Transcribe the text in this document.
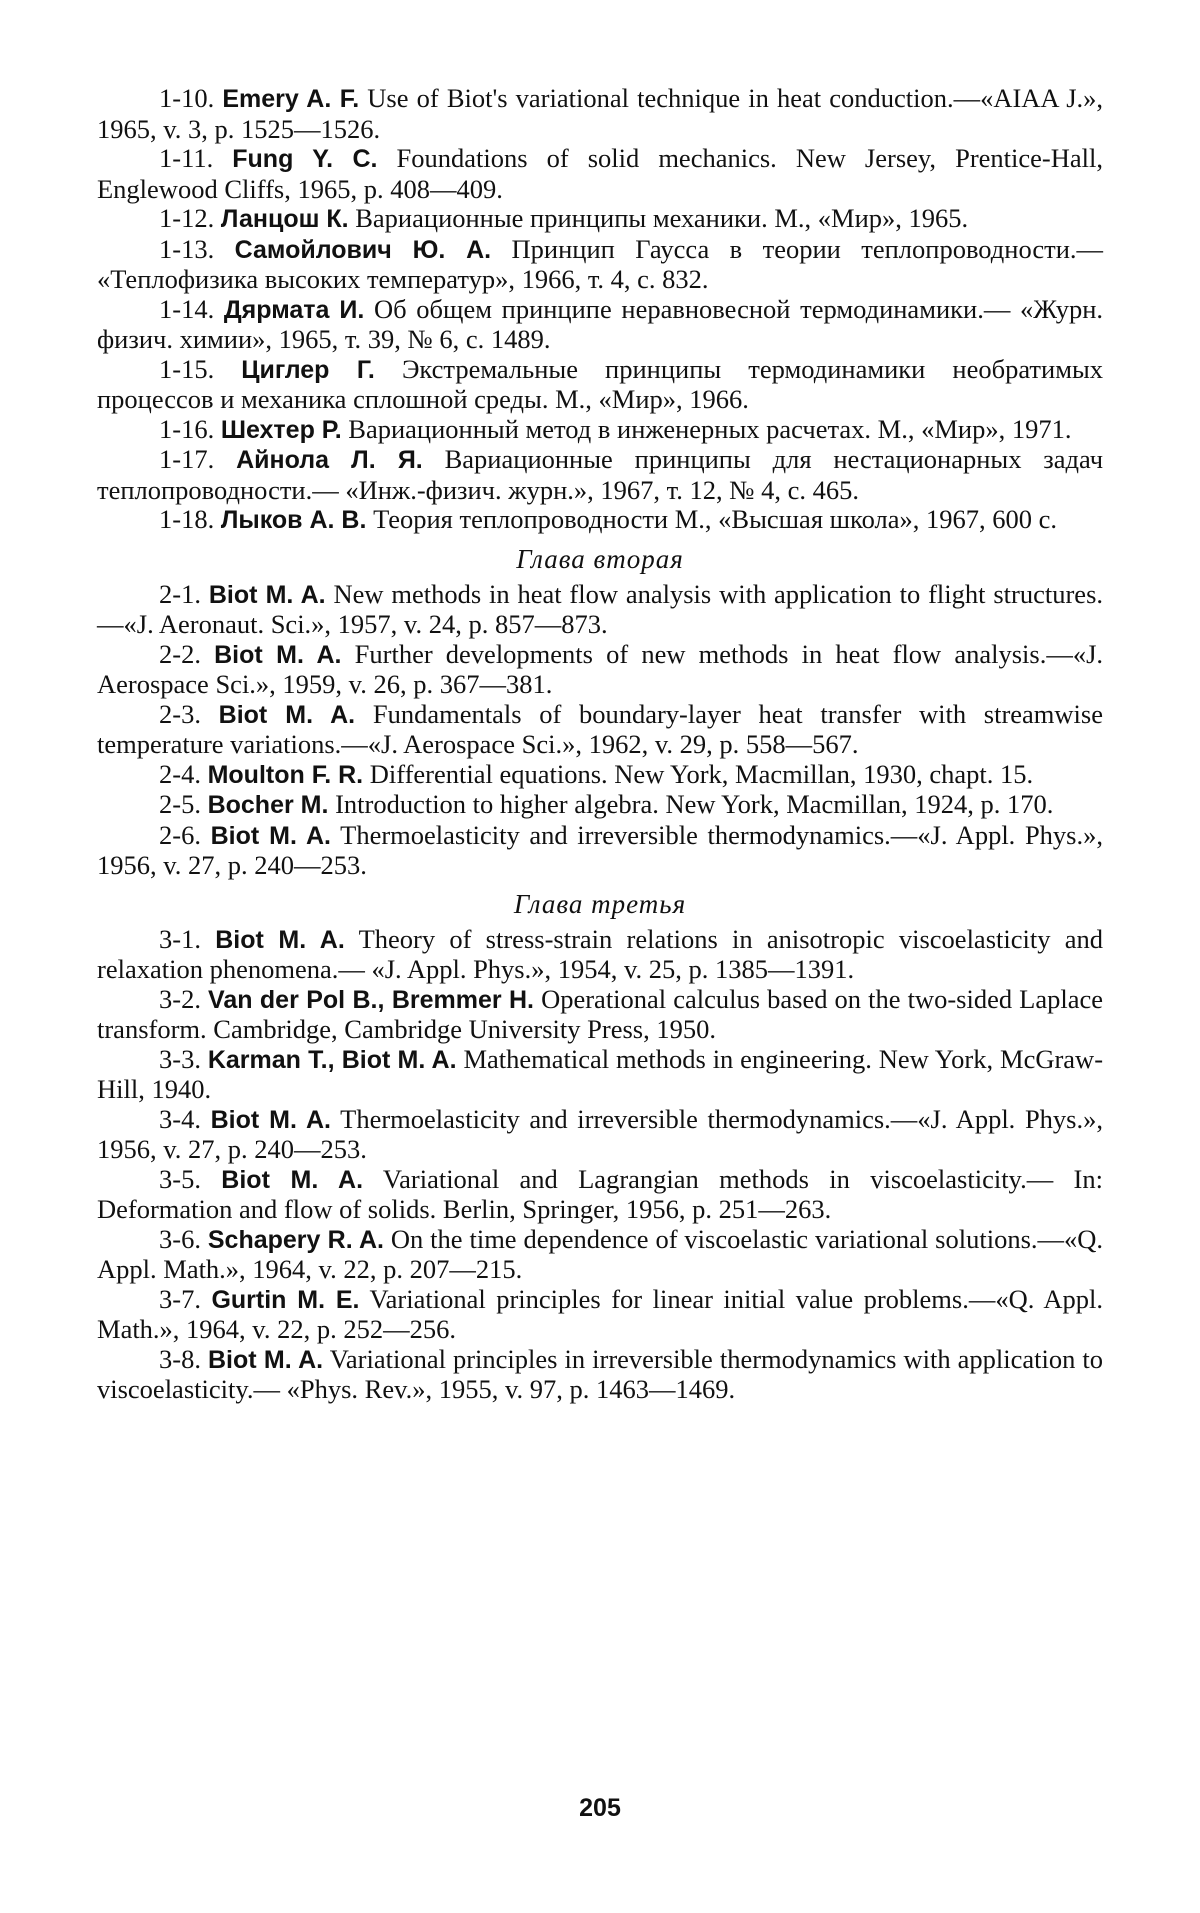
1-10. Emery A. F. Use of Biot's variational technique in heat conduction.—«AIAA J.», 1965, v. 3, p. 1525—1526.

1-11. Fung Y. C. Foundations of solid mechanics. New Jersey, Prentice-Hall, Englewood Cliffs, 1965, p. 408—409.

1-12. Ланцош К. Вариационные принципы механики. М., «Мир», 1965.

1-13. Самойлович Ю. А. Принцип Гаусса в теории теплопроводности.— «Теплофизика высоких температур», 1966, т. 4, с. 832.

1-14. Дярмата И. Об общем принципе неравновесной термодинамики.— «Журн. физич. химии», 1965, т. 39, № 6, с. 1489.

1-15. Циглер Г. Экстремальные принципы термодинамики необратимых процессов и механика сплошной среды. М., «Мир», 1966.

1-16. Шехтер Р. Вариационный метод в инженерных расчетах. М., «Мир», 1971.

1-17. Айнола Л. Я. Вариационные принципы для нестационарных задач теплопроводности.— «Инж.-физич. журн.», 1967, т. 12, № 4, с. 465.

1-18. Лыков А. В. Теория теплопроводности М., «Высшая школа», 1967, 600 с.

Глава вторая

2-1. Biot M. A. New methods in heat flow analysis with application to flight structures.—«J. Aeronaut. Sci.», 1957, v. 24, p. 857—873.

2-2. Biot M. A. Further developments of new methods in heat flow analysis.—«J. Aerospace Sci.», 1959, v. 26, p. 367—381.

2-3. Biot M. A. Fundamentals of boundary-layer heat transfer with streamwise temperature variations.—«J. Aerospace Sci.», 1962, v. 29, p. 558—567.

2-4. Moulton F. R. Differential equations. New York, Macmillan, 1930, chapt. 15.

2-5. Bocher M. Introduction to higher algebra. New York, Macmillan, 1924, p. 170.

2-6. Biot M. A. Thermoelasticity and irreversible thermodynamics.—«J. Appl. Phys.», 1956, v. 27, p. 240—253.

Глава третья

3-1. Biot M. A. Theory of stress-strain relations in anisotropic viscoelasticity and relaxation phenomena.— «J. Appl. Phys.», 1954, v. 25, p. 1385—1391.

3-2. Van der Pol B., Bremmer H. Operational calculus based on the two-sided Laplace transform. Cambridge, Cambridge University Press, 1950.

3-3. Karman T., Biot M. A. Mathematical methods in engineering. New York, McGraw-Hill, 1940.

3-4. Biot M. A. Thermoelasticity and irreversible thermodynamics.—«J. Appl. Phys.», 1956, v. 27, p. 240—253.

3-5. Biot M. A. Variational and Lagrangian methods in viscoelasticity.— In: Deformation and flow of solids. Berlin, Springer, 1956, p. 251—263.

3-6. Schapery R. A. On the time dependence of viscoelastic variational solutions.—«Q. Appl. Math.», 1964, v. 22, p. 207—215.

3-7. Gurtin M. E. Variational principles for linear initial value problems.—«Q. Appl. Math.», 1964, v. 22, p. 252—256.

3-8. Biot M. A. Variational principles in irreversible thermodynamics with application to viscoelasticity.— «Phys. Rev.», 1955, v. 97, p. 1463—1469.

205
